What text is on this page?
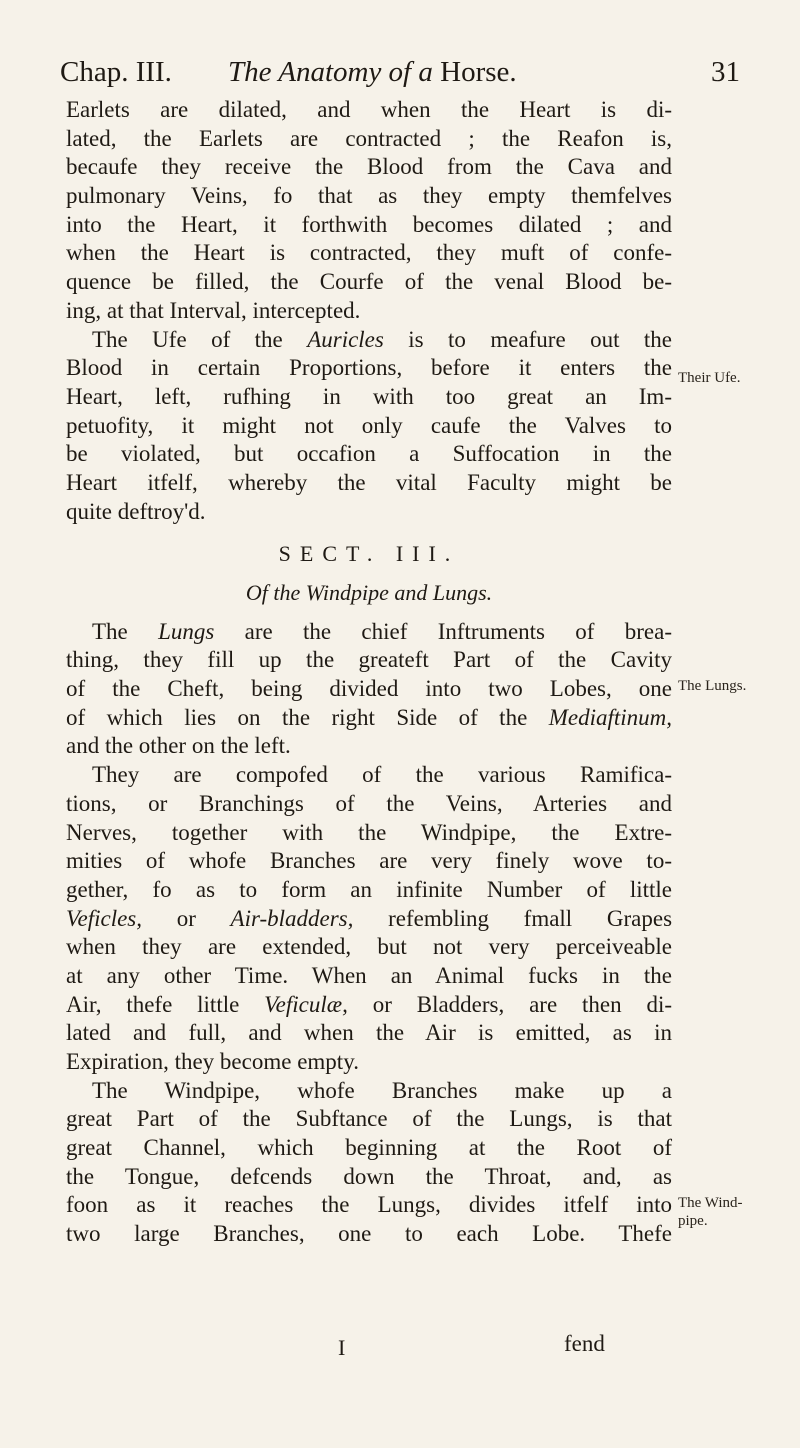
Chap. III. The Anatomy of a Horse.	31
Earlets are dilated, and when the Heart is di-
lated, the Earlets are contracted ; the Reafon is,
becaufe they receive the Blood from the Cava and
pulmonary Veins, fo that as they empty themfelves
into the Heart, it forthwith becomes dilated ; and
when the Heart is contracted, they muft of confe-
quence be filled, the Courfe of the venal Blood be-
ing, at that Interval, intercepted.
The Ufe of the Auricles is to meafure out the
Blood in certain Proportions, before it enters the
Heart, left, rufhing in with too great an Im-
petuofity, it might not only caufe the Valves to
be violated, but occafion a Suffocation in the
Heart itfelf, whereby the vital Faculty might be
quite deftroy'd.
SECT. III.
Of the Windpipe and Lungs.
The Lungs are the chief Inftruments of brea-
thing, they fill up the greateft Part of the Cavity
of the Cheft, being divided into two Lobes, one
of which lies on the right Side of the Mediaftinum,
and the other on the left.
They are compofed of the various Ramifica-
tions, or Branchings of the Veins, Arteries and
Nerves, together with the Windpipe, the Extre-
mities of whofe Branches are very finely wove to-
gether, fo as to form an infinite Number of little
Veficles, or Air-bladders, refembling fmall Grapes
when they are extended, but not very perceiveable
at any other Time. When an Animal fucks in the
Air, thefe little Veficulæ, or Bladders, are then di-
lated and full, and when the Air is emitted, as in
Expiration, they become empty.
The Windpipe, whofe Branches make up a
great Part of the Subftance of the Lungs, is that
great Channel, which beginning at the Root of
the Tongue, defcends down the Throat, and, as
foon as it reaches the Lungs, divides itfelf into
two large Branches, one to each Lobe. Thefe
Their Ufe.
The Lungs.
The Wind-
pipe.
I	fend
